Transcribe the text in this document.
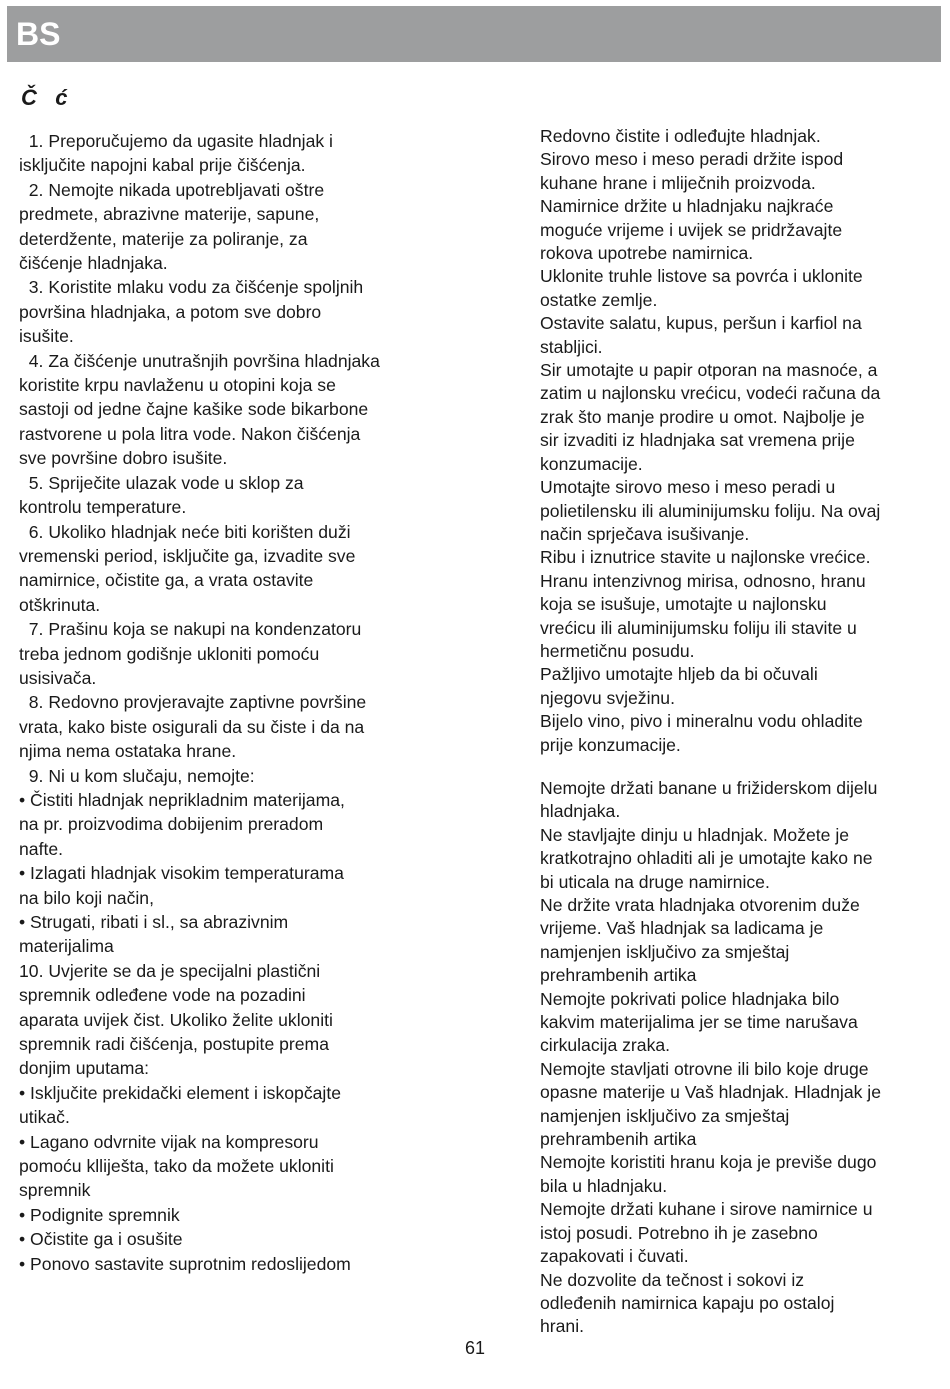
BS
Č   ć

1. Preporučujemo da ugasite hladnjak i

isključite napojni kabal prije čišćenja.

2. Nemojte nikada upotrebljavati oštre

predmete, abrazivne materije, sapune,

deterdžente, materije za poliranje, za

čišćenje hladnjaka.

3. Koristite mlaku vodu za čišćenje spoljnih

površina hladnjaka, a potom sve dobro

isušite.

4. Za čišćenje unutrašnjih površina hladnjaka

koristite krpu navlaženu u otopini koja se

sastoji od jedne čajne kašike sode bikarbone

rastvorene u pola litra vode. Nakon čišćenja

sve površine dobro isušite.

5. Spriječite ulazak vode u sklop za

kontrolu temperature.

6. Ukoliko hladnjak neće biti korišten duži

vremenski period, isključite ga, izvadite sve

namirnice, očistite ga, a vrata ostavite

otškrinuta.

7. Prašinu koja se nakupi na kondenzatoru

treba jednom godišnje ukloniti pomoću

usisivača.

8. Redovno provjeravajte zaptivne površine

vrata, kako biste osigurali da su čiste i da na

njima nema ostataka hrane.

9. Ni u kom slučaju, nemojte:

• Čistiti hladnjak neprikladnim materijama,

na pr. proizvodima dobijenim preradom

nafte.

• Izlagati hladnjak visokim temperaturama

na bilo koji način,

• Strugati, ribati i sl., sa abrazivnim

materijalima

10. Uvjerite se da je specijalni plastični

spremnik odleđene vode na pozadini

aparata uvijek čist. Ukoliko želite ukloniti

spremnik radi čišćenja, postupite prema

donjim uputama:

• Isključite prekidački element i iskopčajte

utikač.

• Lagano odvrnite vijak na kompresoru

pomoću klliješta, tako da možete ukloniti

spremnik

• Podignite spremnik

• Očistite ga i osušite

• Ponovo sastavite suprotnim redoslijedom

Redovno čistite i odleđujte hladnjak.

Sirovo meso i meso peradi držite ispod

kuhane hrane i mliječnih proizvoda.

Namirnice držite u hladnjaku najkraće

moguće vrijeme i uvijek se pridržavajte

rokova upotrebe namirnica.

Uklonite truhle listove sa povrća i uklonite

ostatke zemlje.

Ostavite salatu, kupus, peršun i karfiol na

stabljici.

Sir umotajte u papir otporan na masnoće, a

zatim u najlonsku vrećicu, vodeći računa da

zrak što manje prodire u omot. Najbolje je

sir izvaditi iz hladnjaka sat vremena prije

konzumacije.

Umotajte sirovo meso i meso peradi u

polietilensku ili aluminijumsku foliju. Na ovaj

način sprječava isušivanje.

Ribu i iznutrice stavite u najlonske vrećice.

Hranu intenzivnog mirisa, odnosno, hranu

koja se isušuje, umotajte u najlonsku

vrećicu ili aluminijumsku foliju ili stavite u

hermetičnu posudu.

Pažljivo umotajte hljeb da bi očuvali

njegovu svježinu.

Bijelo vino, pivo i mineralnu vodu ohladite

prije konzumacije.

Nemojte držati banane u frižiderskom dijelu

hladnjaka.

Ne stavljajte dinju u hladnjak. Možete je

kratkotrajno ohladiti ali je umotajte kako ne

bi uticala na druge namirnice.

Ne držite vrata hladnjaka otvorenim duže

vrijeme. Vaš hladnjak sa ladicama je

namjenjen isključivo za smještaj

prehrambenih artika

Nemojte pokrivati police hladnjaka bilo

kakvim materijalima jer se time narušava

cirkulacija zraka.

Nemojte stavljati otrovne ili bilo koje druge

opasne materije u Vaš hladnjak. Hladnjak je

namjenjen isključivo za smještaj

prehrambenih artika

Nemojte koristiti hranu koja je previše dugo

bila u hladnjaku.

Nemojte držati kuhane i sirove namirnice u

istoj posudi. Potrebno ih je zasebno

zapakovati i čuvati.

Ne dozvolite da tečnost i sokovi iz

odleđenih namirnica kapaju po ostaloj

hrani.

61
